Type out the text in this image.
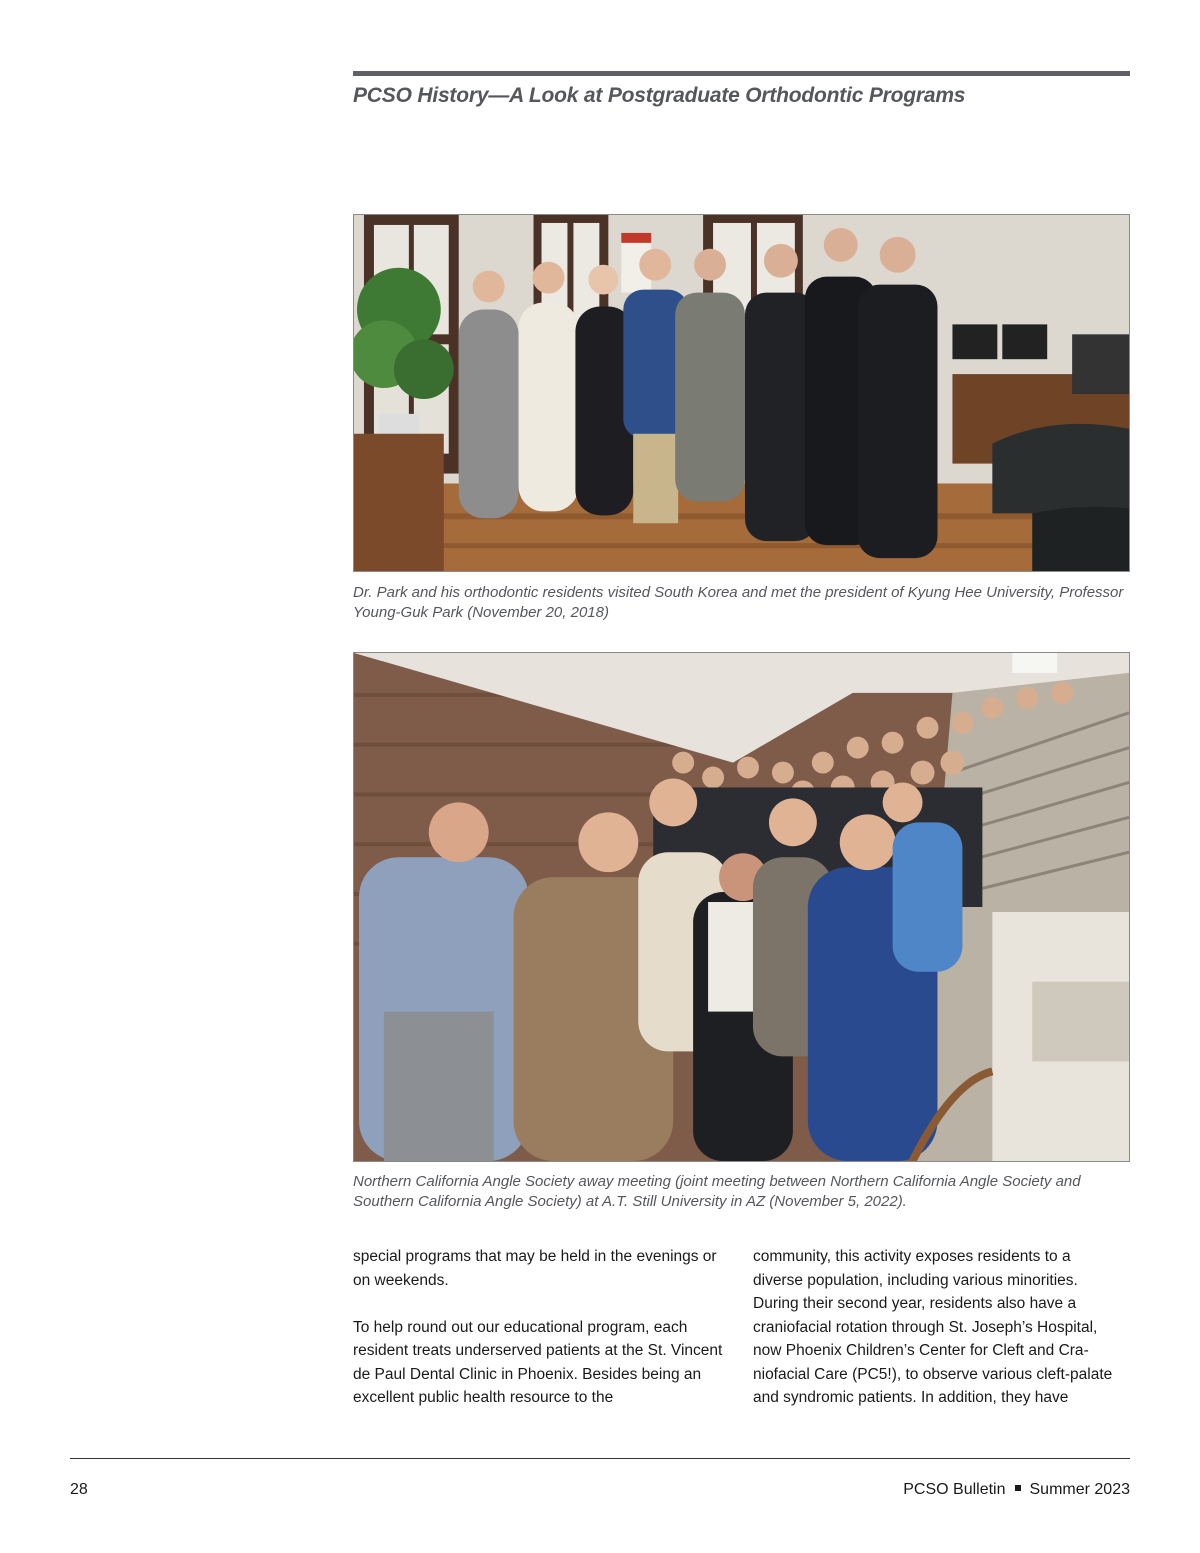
PCSO History—A Look at Postgraduate Orthodontic Programs
Dr. Park and his orthodontic residents visited South Korea and met the president of Kyung Hee University, Professor Young-Guk Park (November 20, 2018)
Northern California Angle Society away meeting (joint meeting between Northern California Angle Society and Southern California Angle Society) at A.T. Still University in AZ (November 5, 2022).

special programs that may be held in the evenings or on weekends.

To help round out our educational program, each resident treats underserved patients at the St. Vincent de Paul Dental Clinic in Phoenix. Besides being an excellent public health resource to the

community, this activity exposes residents to a diverse population, including various minorities. During their second year, residents also have a craniofacial rotation through St. Joseph’s Hospital, now Phoenix Children’s Center for Cleft and Craniofacial Care (PC5!), to observe various cleft-palate and syndromic patients. In addition, they have

28	PCSO Bulletin Summer 2023
